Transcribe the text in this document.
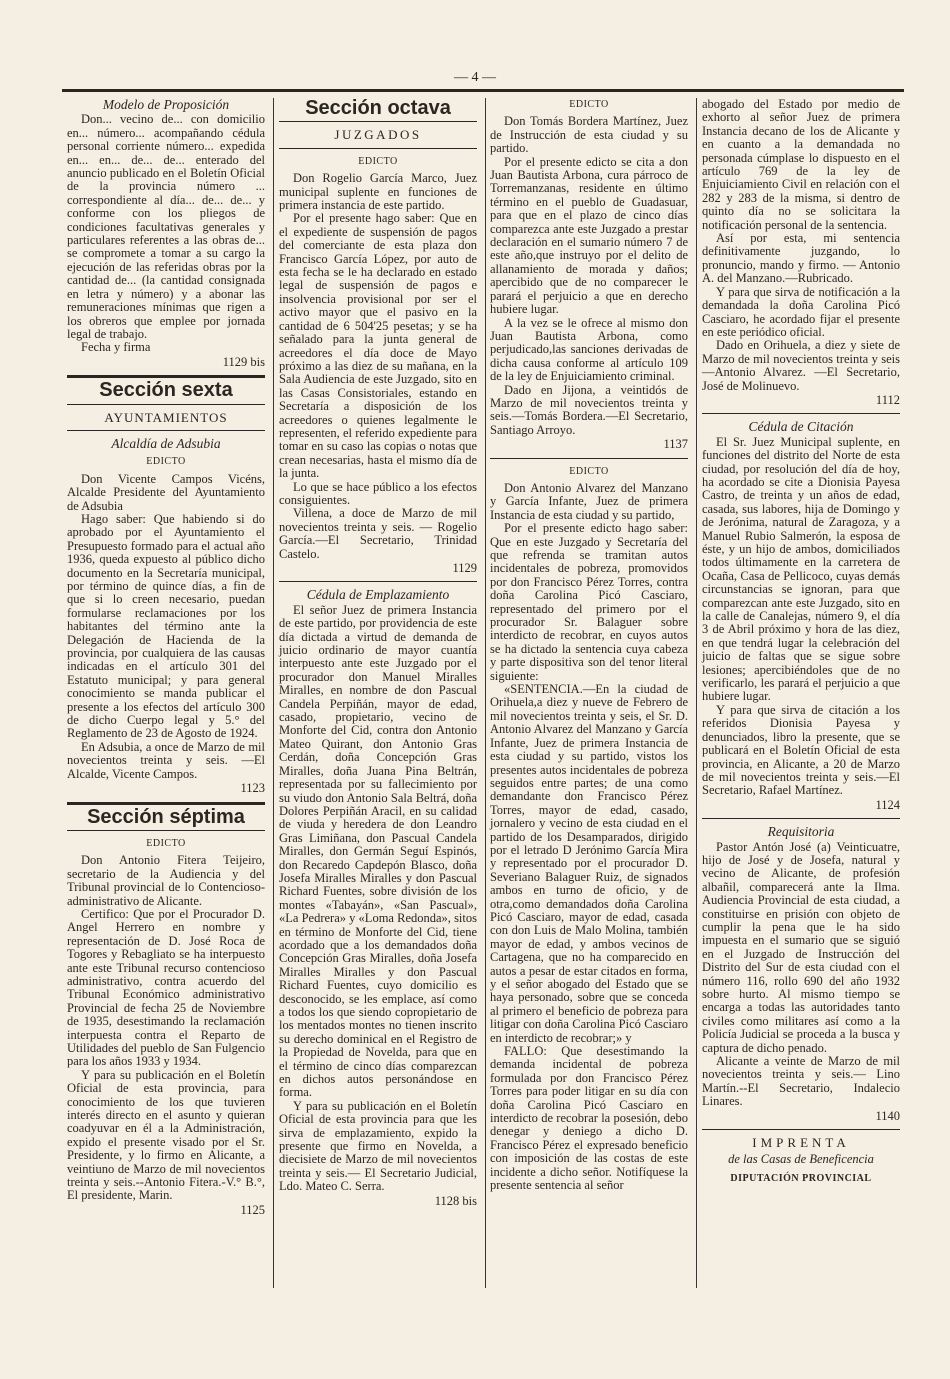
— 4 —
Modelo de Proposición

Don... vecino de... con domicilio en... número... acompañando cédula personal corriente número... expedida en... en... de... de... enterado del anuncio publicado en el Boletín Oficial de la provincia número ... correspondiente al día... de... de... y conforme con los pliegos de condiciones facultativas generales y particulares referentes a las obras de... se compromete a tomar a su cargo la ejecución de las referidas obras por la cantidad de... (la cantidad consignada en letra y número) y a abonar las remuneraciones mínimas que rigen a los obreros que emplee por jornada legal de trabajo.

Fecha y firma

1129 bis
Sección sexta
AYUNTAMIENTOS
Alcaldía de Adsubia
EDICTO

Don Vicente Campos Vicéns, Alcalde Presidente del Ayuntamiento de Adsubia

Hago saber: Que habiendo si do aprobado por el Ayuntamiento el Presupuesto formado para el actual año 1936, queda expuesto al público dicho documento en la Secretaría municipal, por término de quince días, a fin de que si lo creen necesario, puedan formularse reclamaciones por los habitantes del término ante la Delegación de Hacienda de la provincia, por cualquiera de las causas indicadas en el artículo 301 del Estatuto municipal; y para general conocimiento se manda publicar el presente a los efectos del artículo 300 de dicho Cuerpo legal y 5.° del Reglamento de 23 de Agosto de 1924.

En Adsubia, a once de Marzo de mil novecientos treinta y seis. —El Alcalde, Vicente Campos.

1123
Sección séptima
EDICTO

Don Antonio Fitera Teijeiro, secretario de la Audiencia y del Tribunal provincial de lo Contencioso-administrativo de Alicante.

Certifico: Que por el Procurador D. Angel Herrero en nombre y representación de D. José Roca de Togores y Rebagliato se ha interpuesto ante este Tribunal recurso contencioso administrativo, contra acuerdo del Tribunal Económico administrativo Provincial de fecha 25 de Noviembre de 1935, desestimando la reclamación interpuesta contra el Reparto de Utilidades del pueblo de San Fulgencio para los años 1933 y 1934.

Y para su publicación en el Boletín Oficial de esta provincia, para conocimiento de los que tuvieren interés directo en el asunto y quieran coadyuvar en él a la Administración, expido el presente visado por el Sr. Presidente, y lo firmo en Alicante, a veintiuno de Marzo de mil novecientos treinta y seis.--Antonio Fitera.-V.° B.°, El presidente, Marin.

1125
Sección octava
JUZGADOS
EDICTO

Don Rogelio García Marco, Juez municipal suplente en funciones de primera instancia de este partido.

Por el presente hago saber: Que en el expediente de suspensión de pagos del comerciante de esta plaza don Francisco García López, por auto de esta fecha se le ha declarado en estado legal de suspensión de pagos e insolvencia provisional por ser el activo mayor que el pasivo en la cantidad de 6 504'25 pesetas; y se ha señalado para la junta general de acreedores el día doce de Mayo próximo a las diez de su mañana, en la Sala Audiencia de este Juzgado, sito en las Casas Consistoriales, estando en Secretaría a disposición de los acreedores o quienes legalmente le representen, el referido expediente para tomar en su caso las copias o notas que crean necesarias, hasta el mismo día de la junta.

Lo que se hace público a los efectos consiguientes.

Villena, a doce de Marzo de mil novecientos treinta y seis. — Rogelio García.—El Secretario, Trinidad Castelo.

1129
Cédula de Emplazamiento

El señor Juez de primera Instancia de este partido, por providencia de este día dictada a virtud de demanda de juicio ordinario de mayor cuantía interpuesto ante este Juzgado por el procurador don Manuel Miralles Miralles, en nombre de don Pascual Candela Perpiñán, mayor de edad, casado, propietario, vecino de Monforte del Cid, contra don Antonio Mateo Quirant, don Antonio Gras Cerdán, doña Concepción Gras Miralles, doña Juana Pina Beltrán, representada por su fallecimiento por su viudo don Antonio Sala Beltrá, doña Dolores Perpiñán Aracil, en su calidad de viuda y heredera de don Leandro Gras Limiñana, don Pascual Candela Miralles, don Germán Seguí Espinós, don Recaredo Capdepón Blasco, doña Josefa Miralles Miralles y don Pascual Richard Fuentes, sobre división de los montes «Tabayán», «San Pascual», «La Pedrera» y «Loma Redonda», sitos en término de Monforte del Cid, tiene acordado que a los demandados doña Concepción Gras Miralles, doña Josefa Miralles Miralles y don Pascual Richard Fuentes, cuyo domicilio es desconocido, se les emplace, así como a todos los que siendo copropietario de los mentados montes no tienen inscrito su derecho dominical en el Registro de la Propiedad de Novelda, para que en el término de cinco días comparezcan en dichos autos personándose en forma.

Y para su publicación en el Boletín Oficial de esta provincia para que les sirva de emplazamiento, expido la presente que firmo en Novelda, a diecisiete de Marzo de mil novecientos treinta y seis.— El Secretario Judicial, Ldo. Mateo C. Serra.

1128 bis
EDICTO

Don Tomás Bordera Martínez, Juez de Instrucción de esta ciudad y su partido.

Por el presente edicto se cita a don Juan Bautista Arbona, cura párroco de Torremanzanas, residente en último término en el pueblo de Guadasuar, para que en el plazo de cinco días comparezca ante este Juzgado a prestar declaración en el sumario número 7 de este año,que instruyo por el delito de allanamiento de morada y daños; apercibido que de no comparecer le parará el perjuicio a que en derecho hubiere lugar.

A la vez se le ofrece al mismo don Juan Bautista Arbona, como perjudicado,las sanciones derivadas de dicha causa conforme al artículo 109 de la ley de Enjuiciamiento criminal.

Dado en Jijona, a veintidós de Marzo de mil novecientos treinta y seis.—Tomás Bordera.—El Secretario, Santiago Arroyo.

1137
EDICTO

Don Antonio Alvarez del Manzano y García Infante, Juez de primera Instancia de esta ciudad y su partido,

Por el presente edicto hago saber: Que en este Juzgado y Secretaría del que refrenda se tramitan autos incidentales de pobreza, promovidos por don Francisco Pérez Torres, contra doña Carolina Picó Casciaro, representado del primero por el procurador Sr. Balaguer sobre interdicto de recobrar, en cuyos autos se ha dictado la sentencia cuya cabeza y parte dispositiva son del tenor literal siguiente:

«SENTENCIA.—En la ciudad de Orihuela,a diez y nueve de Febrero de mil novecientos treinta y seis, el Sr. D. Antonio Alvarez del Manzano y García Infante, Juez de primera Instancia de esta ciudad y su partido, vistos los presentes autos incidentales de pobreza seguidos entre partes; de una como demandante don Francisco Pérez Torres, mayor de edad, casado, jornalero y vecino de esta ciudad en el partido de los Desamparados, dirigido por el letrado D Jerónimo García Mira y representado por el procurador D. Severiano Balaguer Ruiz, de signados ambos en turno de oficio, y de otra,como demandados doña Carolina Picó Casciaro, mayor de edad, casada con don Luis de Malo Molina, también mayor de edad, y ambos vecinos de Cartagena, que no ha comparecido en autos a pesar de estar citados en forma, y el señor abogado del Estado que se haya personado, sobre que se conceda al primero el beneficio de pobreza para litigar con doña Carolina Picó Casciaro en interdicto de recobrar;» y

FALLO: Que desestimando la demanda incidental de pobreza formulada por don Francisco Pérez Torres para poder litigar en su día con doña Carolina Picó Casciaro en interdicto de recobrar la posesión, debo denegar y deniego a dicho D. Francisco Pérez el expresado beneficio con imposición de las costas de este incidente a dicho señor. Notifíquese la presente sentencia al señor

abogado del Estado por medio de exhorto al señor Juez de primera Instancia decano de los de Alicante y en cuanto a la demandada no personada cúmplase lo dispuesto en el artículo 769 de la ley de Enjuiciamiento Civil en relación con el 282 y 283 de la misma, si dentro de quinto día no se solicitara la notificación personal de la sentencia.

Así por esta, mi sentencia definitivamente juzgando, lo pronuncio, mando y firmo. — Antonio A. del Manzano.—Rubricado.

Y para que sirva de notificación a la demandada la doña Carolina Picó Casciaro, he acordado fijar el presente en este periódico oficial.

Dado en Orihuela, a diez y siete de Marzo de mil novecientos treinta y seis —Antonio Alvarez. —El Secretario, José de Molinuevo.

1112
Cédula de Citación

El Sr. Juez Municipal suplente, en funciones del distrito del Norte de esta ciudad, por resolución del día de hoy, ha acordado se cite a Dionisia Payesa Castro, de treinta y un años de edad, casada, sus labores, hija de Domingo y de Jerónima, natural de Zaragoza, y a Manuel Rubio Salmerón, la esposa de éste, y un hijo de ambos, domiciliados todos últimamente en la carretera de Ocaña, Casa de Pellicoco, cuyas demás circunstancias se ignoran, para que comparezcan ante este Juzgado, sito en la calle de Canalejas, número 9, el día 3 de Abril próximo y hora de las diez, en que tendrá lugar la celebración del juicio de faltas que se sigue sobre lesiones; apercibiéndoles que de no verificarlo, les parará el perjuicio a que hubiere lugar.

Y para que sirva de citación a los referidos Dionisia Payesa y denunciados, libro la presente, que se publicará en el Boletín Oficial de esta provincia, en Alicante, a 20 de Marzo de mil novecientos treinta y seis.—El Secretario, Rafael Martínez.

1124
Requisitoria

Pastor Antón José (a) Veinticuatre, hijo de José y de Josefa, natural y vecino de Alicante, de profesión albañil, comparecerá ante la Ilma. Audiencia Provincial de esta ciudad, a constituirse en prisión con objeto de cumplir la pena que le ha sido impuesta en el sumario que se siguió en el Juzgado de Instrucción del Distrito del Sur de esta ciudad con el número 116, rollo 690 del año 1932 sobre hurto. Al mismo tiempo se encarga a todas las autoridades tanto civiles como militares así como a la Policía Judicial se proceda a la busca y captura de dicho penado.

Alicante a veinte de Marzo de mil novecientos treinta y seis.— Lino Martín.--El Secretario, Indalecio Linares.

1140
IMPRENTA
de las Casas de Beneficencia
DIPUTACIÓN PROVINCIAL
